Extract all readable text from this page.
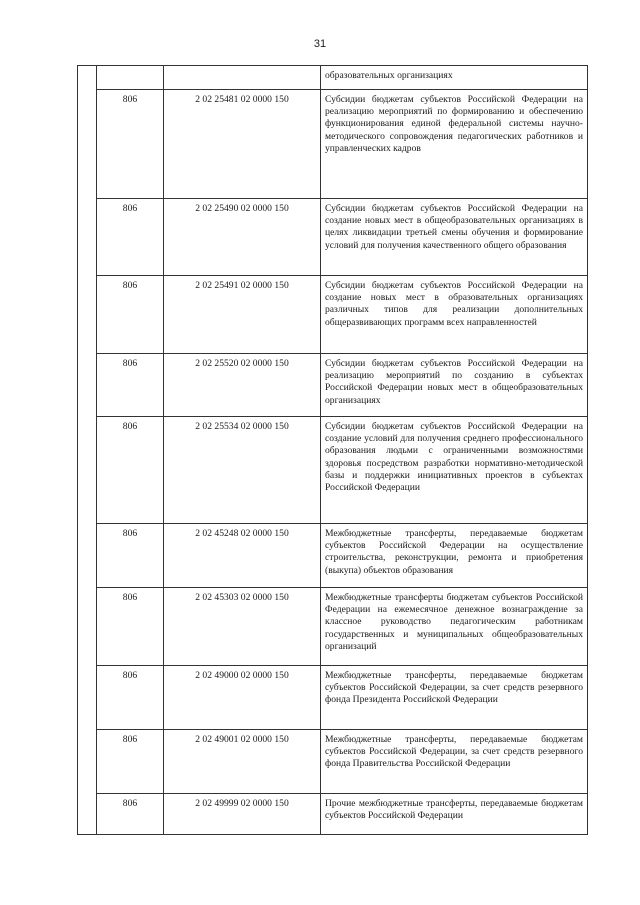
31
			образовательных организациях
	806	2 02 25481 02 0000 150	Субсидии бюджетам субъектов Российской Федерации на реализацию мероприятий по формированию и обеспечению функционирования единой федеральной системы научно-методического сопровождения педагогических работников и управленческих кадров
	806	2 02 25490 02 0000 150	Субсидии бюджетам субъектов Российской Федерации на создание новых мест в общеобразовательных организациях в целях ликвидации третьей смены обучения и формирование условий для получения качественного общего образования
	806	2 02 25491 02 0000 150	Субсидии бюджетам субъектов Российской Федерации на создание новых мест в образовательных организациях различных типов для реализации дополнительных общеразвивающих программ всех направленностей
	806	2 02 25520 02 0000 150	Субсидии бюджетам субъектов Российской Федерации на реализацию мероприятий по созданию в субъектах Российской Федерации новых мест в общеобразовательных организациях
	806	2 02 25534 02 0000 150	Субсидии бюджетам субъектов Российской Федерации на создание условий для получения среднего профессионального образования людьми с ограниченными возможностями здоровья посредством разработки нормативно-методической базы и поддержки инициативных проектов в субъектах Российской Федерации
	806	2 02 45248 02 0000 150	Межбюджетные трансферты, передаваемые бюджетам субъектов Российской Федерации на осуществление строительства, реконструкции, ремонта и приобретения (выкупа) объектов образования
	806	2 02 45303 02 0000 150	Межбюджетные трансферты бюджетам субъектов Российской Федерации на ежемесячное денежное вознаграждение за классное руководство педагогическим работникам государственных и муниципальных общеобразовательных организаций
	806	2 02 49000 02 0000 150	Межбюджетные трансферты, передаваемые бюджетам субъектов Российской Федерации, за счет средств резервного фонда Президента Российской Федерации
	806	2 02 49001 02 0000 150	Межбюджетные трансферты, передаваемые бюджетам субъектов Российской Федерации, за счет средств резервного фонда Правительства Российской Федерации
	806	2 02 49999 02 0000 150	Прочие межбюджетные трансферты, передаваемые бюджетам субъектов Российской Федерации
